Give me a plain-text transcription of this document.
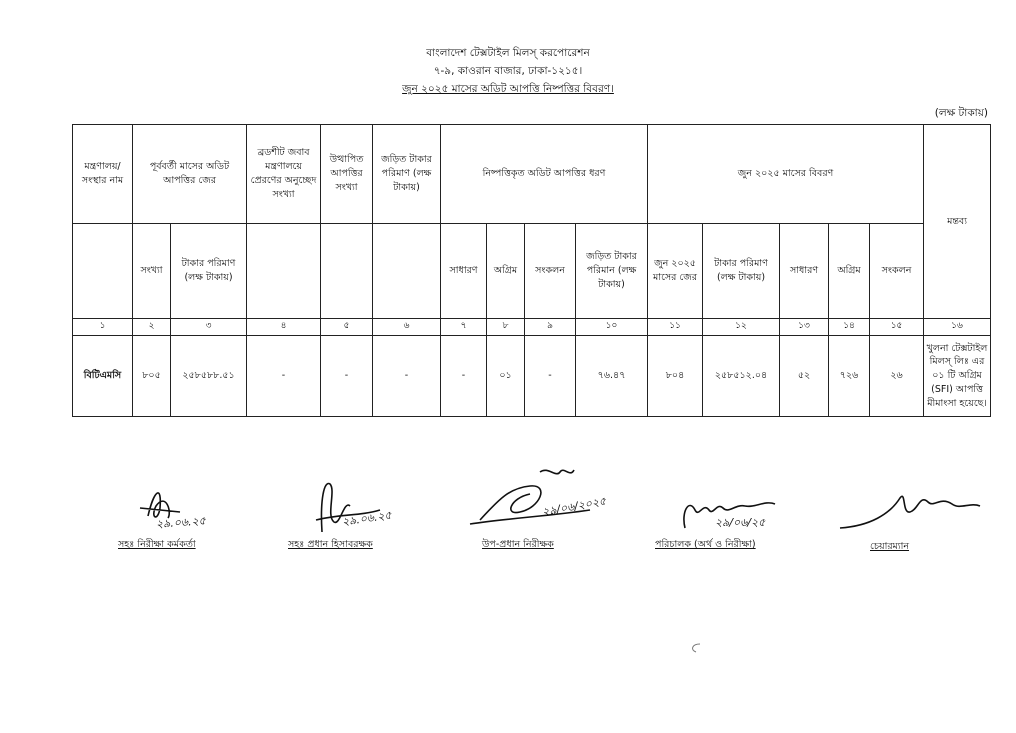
বাংলাদেশ টেক্সটাইল মিলস্ করপোরেশন
৭-৯, কাওরান বাজার, ঢাকা-১২১৫।
জুন ২০২৫ মাসের অডিট আপত্তি নিষ্পত্তির বিবরণ।
(লক্ষ টাকায়)
মন্ত্রণালয়/ সংস্থার নাম	পূর্ববর্তী মাসের অডিট আপত্তির জের		ব্রডশীট জবাব মন্ত্রণালয়ে প্রেরণের অনুচ্ছেদ সংখ্যা	উত্থাপিত আপত্তির সংখ্যা	জড়িত টাকার পরিমাণ (লক্ষ টাকায়)	নিষ্পত্তিকৃত অডিট আপত্তির ধরণ				জুন ২০২৫ মাসের বিবরণ					মন্তব্য
	সংখ্যা	টাকার পরিমাণ (লক্ষ টাকায়)				সাধারণ	অগ্রিম	সংকলন	জড়িত টাকার পরিমান (লক্ষ টাকায়)	জুন ২০২৫ মাসের জের	টাকার পরিমাণ (লক্ষ টাকায়)	সাধারণ	অগ্রিম	সংকলন	
১	২	৩	৪	৫	৬	৭	৮	৯	১০	১১	১২	১৩	১৪	১৫	১৬
বিটিএমসি	৮০৫	২৫৮৫৮৮.৫১	-	-	-	-	০১	-	৭৬.৪৭	৮০৪	২৫৮৫১২.০৪	৫২	৭২৬	২৬	খুলনা টেক্সটাইল মিলস্ লিঃ এর ০১ টি অগ্রিম (SFI) আপত্তি মীমাংসা হয়েছে।
২৯.০৬.২৫
সহঃ নিরীক্ষা কর্মকর্তা
২৯.০৬.২৫
সহঃ প্রধান হিসাবরক্ষক
২৯/০৬/২০২৫
উপ-প্রধান নিরীক্ষক
২৯/০৬/২৫
পরিচালক (অর্থ ও নিরীক্ষা)	চেয়ারম্যান
